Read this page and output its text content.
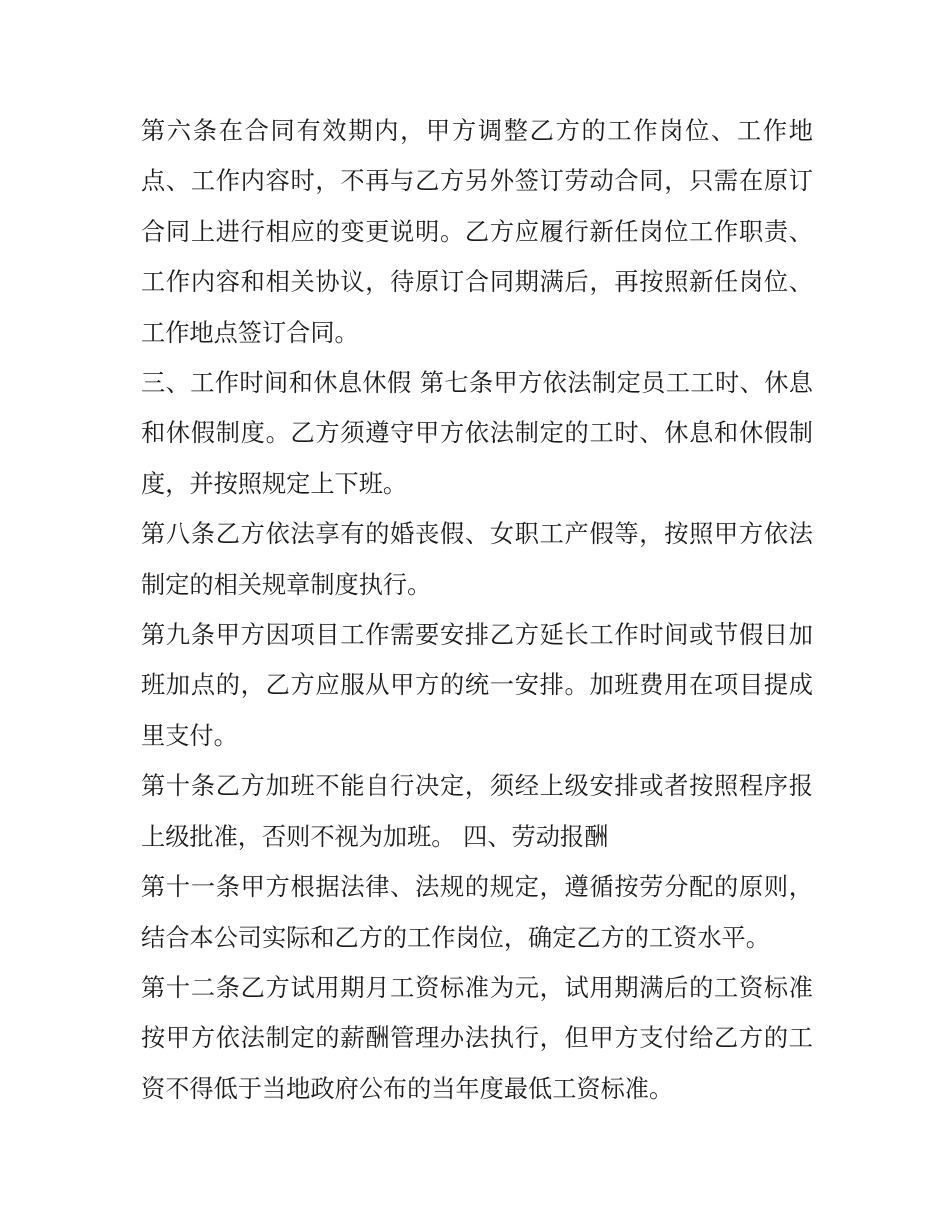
第六条在合同有效期内，甲方调整乙方的工作岗位、工作地点、工作内容时，不再与乙方另外签订劳动合同，只需在原订合同上进行相应的变更说明。乙方应履行新任岗位工作职责、工作内容和相关协议，待原订合同期满后，再按照新任岗位、工作地点签订合同。

三、工作时间和休息休假 第七条甲方依法制定员工工时、休息和休假制度。乙方须遵守甲方依法制定的工时、休息和休假制度，并按照规定上下班。

第八条乙方依法享有的婚丧假、女职工产假等，按照甲方依法制定的相关规章制度执行。

第九条甲方因项目工作需要安排乙方延长工作时间或节假日加班加点的，乙方应服从甲方的统一安排。加班费用在项目提成里支付。

第十条乙方加班不能自行决定，须经上级安排或者按照程序报上级批准，否则不视为加班。 四、劳动报酬

第十一条甲方根据法律、法规的规定，遵循按劳分配的原则，结合本公司实际和乙方的工作岗位，确定乙方的工资水平。

第十二条乙方试用期月工资标准为元，试用期满后的工资标准按甲方依法制定的薪酬管理办法执行，但甲方支付给乙方的工资不得低于当地政府公布的当年度最低工资标准。
